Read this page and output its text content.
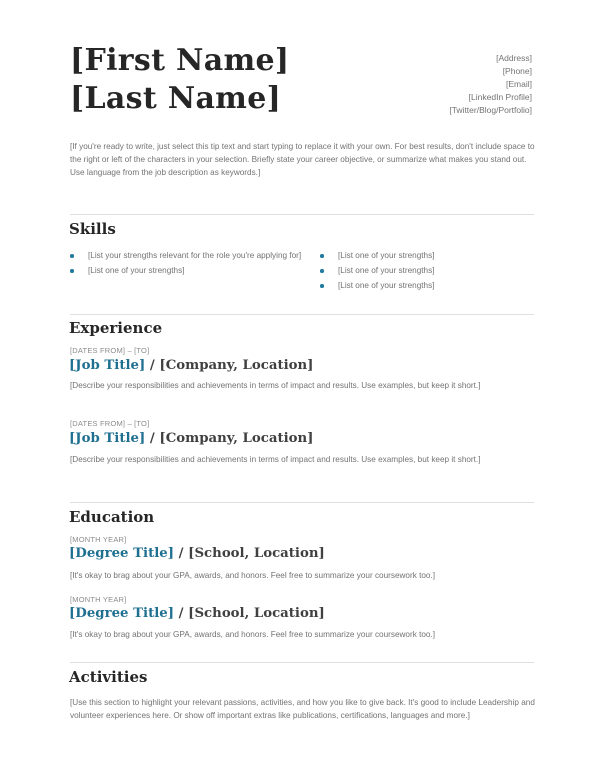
[First Name]
[Last Name]
[Address]
[Phone]
[Email]
[LinkedIn Profile]
[Twitter/Blog/Portfolio]
[If you're ready to write, just select this tip text and start typing to replace it with your own. For best results, don't include space to the right or left of the characters in your selection. Briefly state your career objective, or summarize what makes you stand out. Use language from the job description as keywords.]
Skills
[List your strengths relevant for the role you're applying for]
[List one of your strengths]
[List one of your strengths]
[List one of your strengths]
[List one of your strengths]
Experience
[DATES FROM] – [TO]
[Job Title] / [Company, Location]
[Describe your responsibilities and achievements in terms of impact and results. Use examples, but keep it short.]
[DATES FROM] – [TO]
[Job Title] / [Company, Location]
[Describe your responsibilities and achievements in terms of impact and results. Use examples, but keep it short.]
Education
[MONTH YEAR]
[Degree Title] / [School, Location]
[It's okay to brag about your GPA, awards, and honors. Feel free to summarize your coursework too.]
[MONTH YEAR]
[Degree Title] / [School, Location]
[It's okay to brag about your GPA, awards, and honors. Feel free to summarize your coursework too.]
Activities
[Use this section to highlight your relevant passions, activities, and how you like to give back. It's good to include Leadership and volunteer experiences here. Or show off important extras like publications, certifications, languages and more.]
